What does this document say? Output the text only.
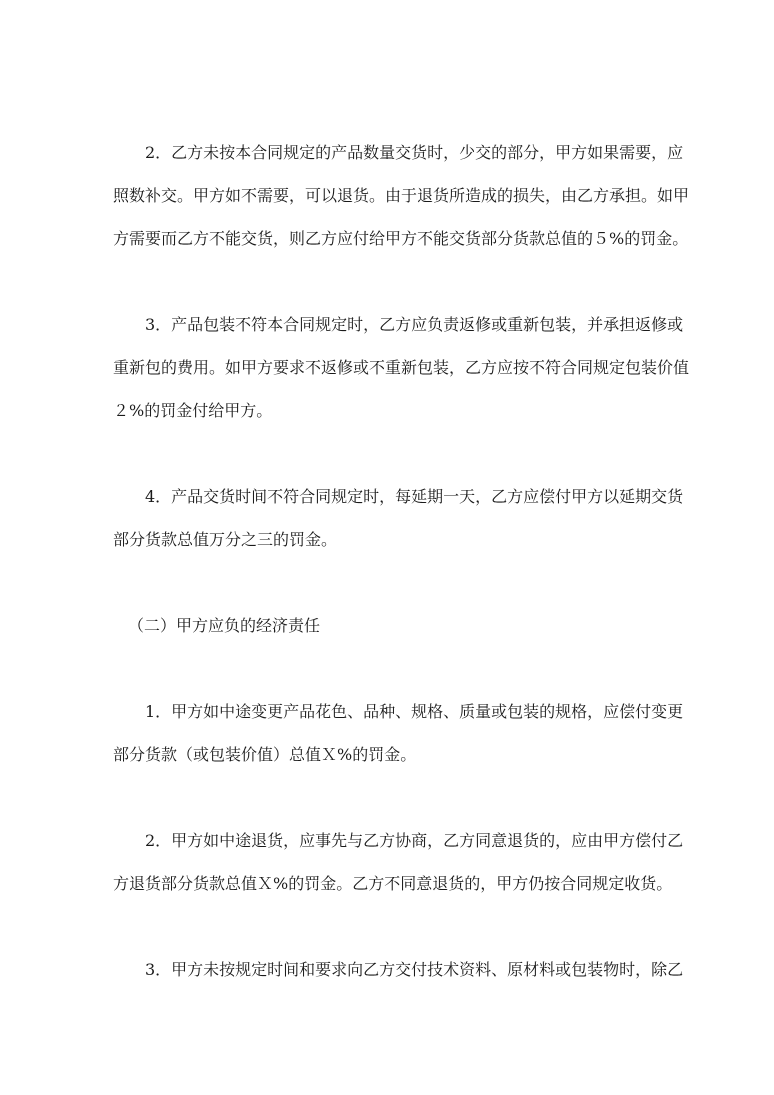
2．乙方未按本合同规定的产品数量交货时，少交的部分，甲方如果需要，应
照数补交。甲方如不需要，可以退货。由于退货所造成的损失，由乙方承担。如甲
方需要而乙方不能交货，则乙方应付给甲方不能交货部分货款总值的５%的罚金。
3．产品包装不符本合同规定时，乙方应负责返修或重新包装，并承担返修或
重新包的费用。如甲方要求不返修或不重新包装，乙方应按不符合同规定包装价值
２%的罚金付给甲方。
4．产品交货时间不符合同规定时，每延期一天，乙方应偿付甲方以延期交货
部分货款总值万分之三的罚金。
（二）甲方应负的经济责任
1．甲方如中途变更产品花色、品种、规格、质量或包装的规格，应偿付变更
部分货款（或包装价值）总值Ｘ%的罚金。
2．甲方如中途退货，应事先与乙方协商，乙方同意退货的，应由甲方偿付乙
方退货部分货款总值Ｘ%的罚金。乙方不同意退货的，甲方仍按合同规定收货。
3．甲方未按规定时间和要求向乙方交付技术资料、原材料或包装物时，除乙
